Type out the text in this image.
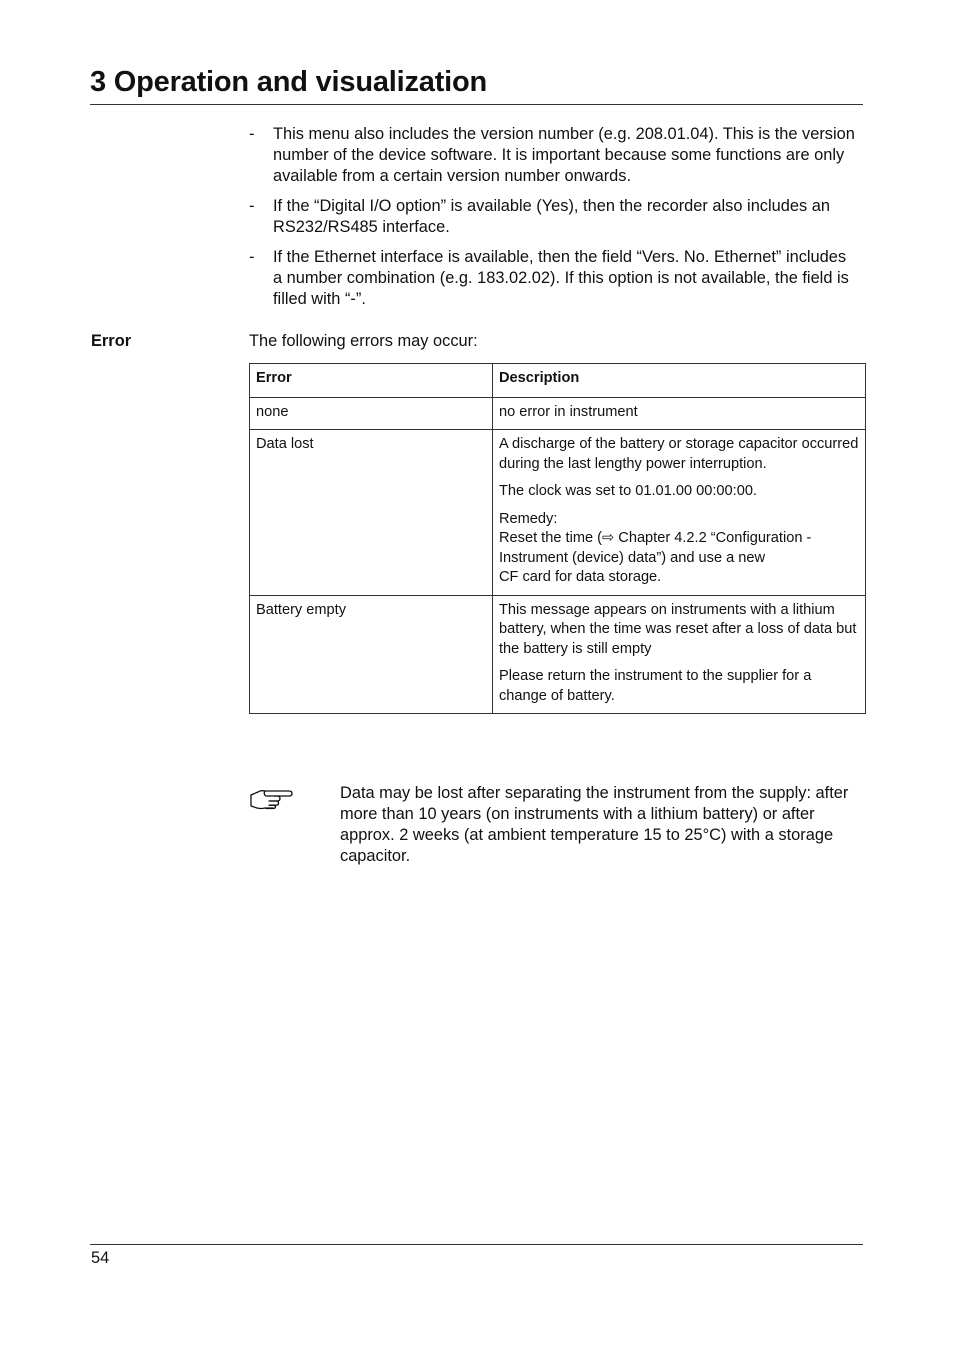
3 Operation and visualization
- This menu also includes the version number (e.g. 208.01.04). This is the version number of the device software. It is important because some functions are only available from a certain version number onwards.
- If the “Digital I/O option” is available (Yes), then the recorder also includes an RS232/RS485 interface.
- If the Ethernet interface is available, then the field “Vers. No. Ethernet” includes a number combination (e.g. 183.02.02). If this option is not available, the field is filled with “-”.
Error	The following errors may occur:
Error	Description
none	no error in instrument

Data lost	A discharge of the battery or storage capacitor occurred during the last lengthy power interruption.

The clock was set to 01.01.00 00:00:00.

Remedy:
Reset the time (⇨ Chapter 4.2.2 “Configuration - Instrument (device) data”) and use a new
CF card for data storage.

Battery empty	This message appears on instruments with a lithium battery, when the time was reset after a loss of data but the battery is still empty

Please return the instrument to the supplier for a change of battery.

Data may be lost after separating the instrument from the supply: after more than 10 years (on instruments with a lithium battery) or after approx. 2 weeks (at ambient temperature 15 to 25°C) with a storage capacitor.
54
